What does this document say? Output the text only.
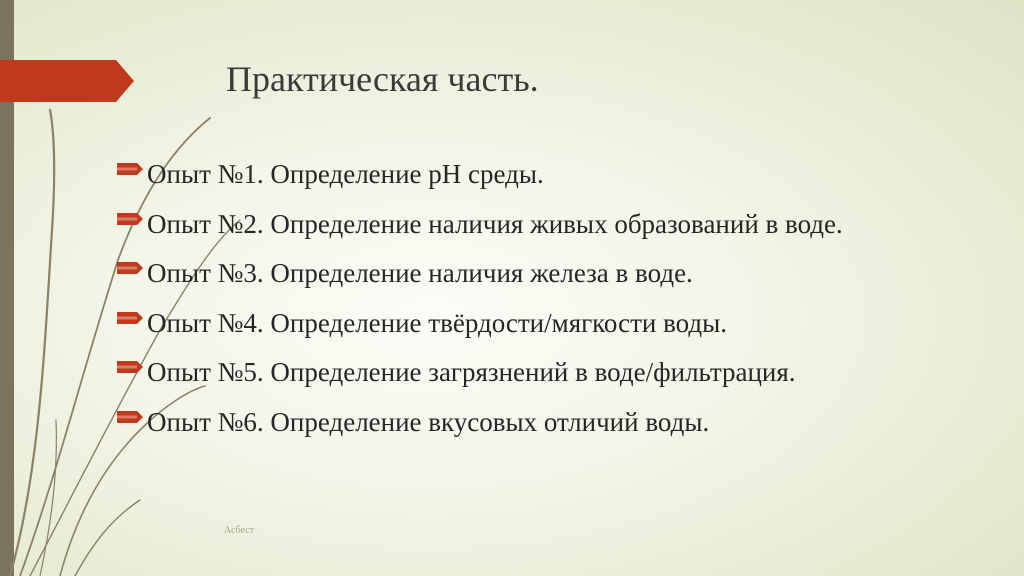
Практическая часть.
Опыт №1. Определение pH среды.
Опыт №2. Определение наличия живых образований в воде.
Опыт №3. Определение наличия железа в воде.
Опыт №4. Определение твёрдости/мягкости воды.
Опыт №5. Определение загрязнений в воде/фильтрация.
Опыт №6. Определение вкусовых отличий воды.
Асбест
